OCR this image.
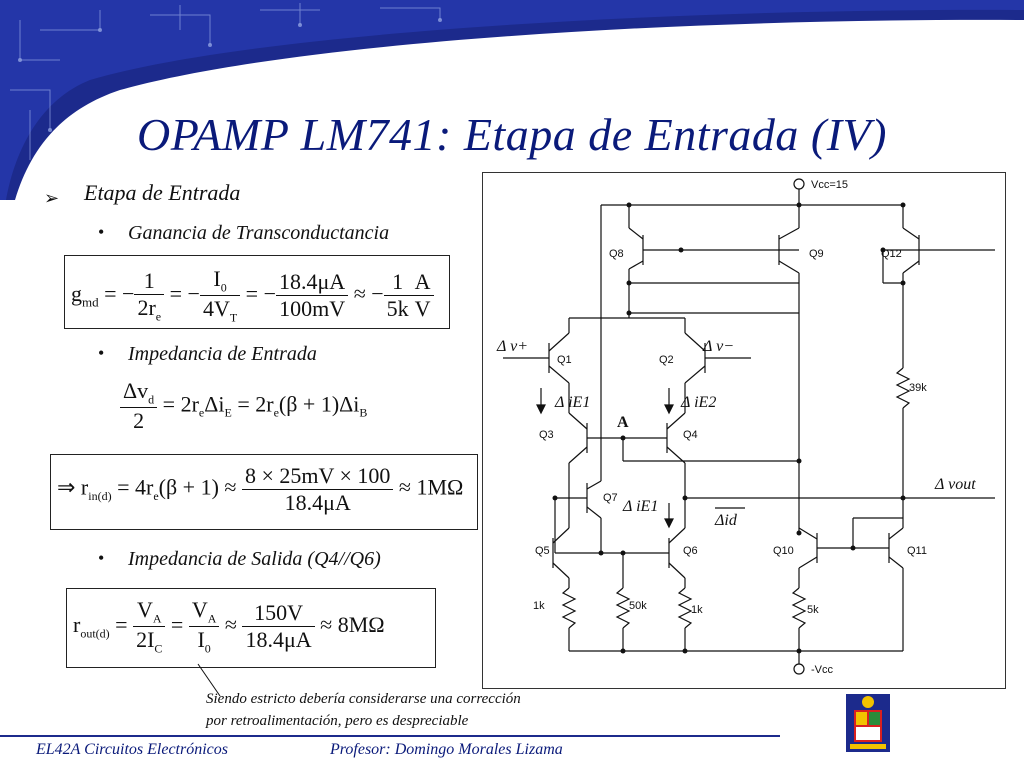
OPAMP LM741: Etapa de Entrada (IV)
➢ Etapa de Entrada
• Ganancia de Transconductancia
$g_{md}$ = − $\frac{1}{2r_e}$ = − $\frac{I_0}{4V_T}$ = − $\frac{18.4\mu A}{100mV}$ ≈ − $\frac{1}{5k} \frac{A}{V}$
• Impedancia de Entrada
$\frac{\Delta v_d}{2} = 2r_e\Delta i_E = 2r_e(\beta + 1)\Delta i_B$
⇒ $r_{in(d)} = 4r_e(\beta + 1) \approx \frac{8 \times 25mV \times 100}{18.4\mu A} \approx 1M\Omega$
• Impedancia de Salida (Q4//Q6)
$r_{out(d)} = \frac{V_A}{2I_C} = \frac{V_A}{I_0} \approx \frac{150V}{18.4\mu A} \approx 8M\Omega$
Siendo estricto debería considerarse una corrección
por retroalimentación, pero es despreciable
Vcc=15
-Vcc
Q8	Q9	Q12
Q1	Q2
Q3	Q4
Q7
Q5	Q6	Q10	Q11
1k	50k	1k	5k
39k
A
Δ v+	Δ v−
Δ iE1	Δ iE2
Δ iE1
Δid
Δ vout
EL42A Circuitos Electrónicos	Profesor: Domingo Morales Lizama
